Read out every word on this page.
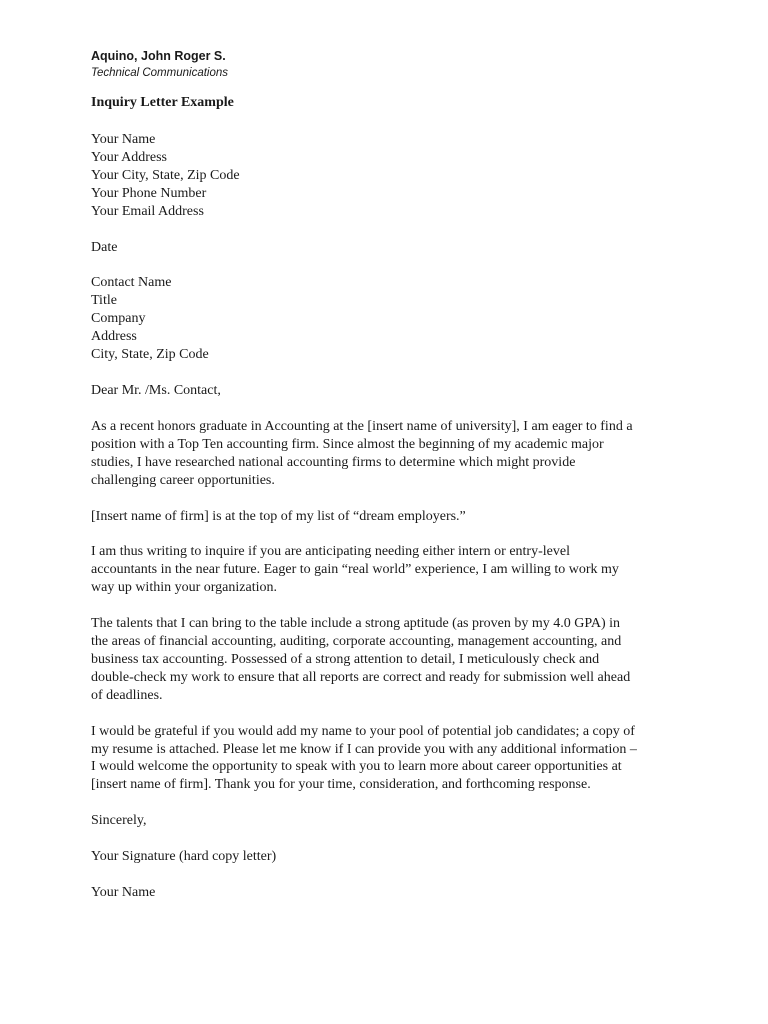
Aquino, John Roger S.
Technical Communications
Inquiry Letter Example
Your Name
Your Address
Your City, State, Zip Code
Your Phone Number
Your Email Address
Date
Contact Name
Title
Company
Address
City, State, Zip Code
Dear Mr. /Ms. Contact,

As a recent honors graduate in Accounting at the [insert name of university], I am eager to find a
position with a Top Ten accounting firm. Since almost the beginning of my academic major
studies, I have researched national accounting firms to determine which might provide
challenging career opportunities.

[Insert name of firm] is at the top of my list of “dream employers.”

I am thus writing to inquire if you are anticipating needing either intern or entry-level
accountants in the near future. Eager to gain “real world” experience, I am willing to work my
way up within your organization.

The talents that I can bring to the table include a strong aptitude (as proven by my 4.0 GPA) in
the areas of financial accounting, auditing, corporate accounting, management accounting, and
business tax accounting. Possessed of a strong attention to detail, I meticulously check and
double-check my work to ensure that all reports are correct and ready for submission well ahead
of deadlines.

I would be grateful if you would add my name to your pool of potential job candidates; a copy of
my resume is attached. Please let me know if I can provide you with any additional information –
I would welcome the opportunity to speak with you to learn more about career opportunities at
[insert name of firm]. Thank you for your time, consideration, and forthcoming response.

Sincerely,

Your Signature (hard copy letter)

Your Name
